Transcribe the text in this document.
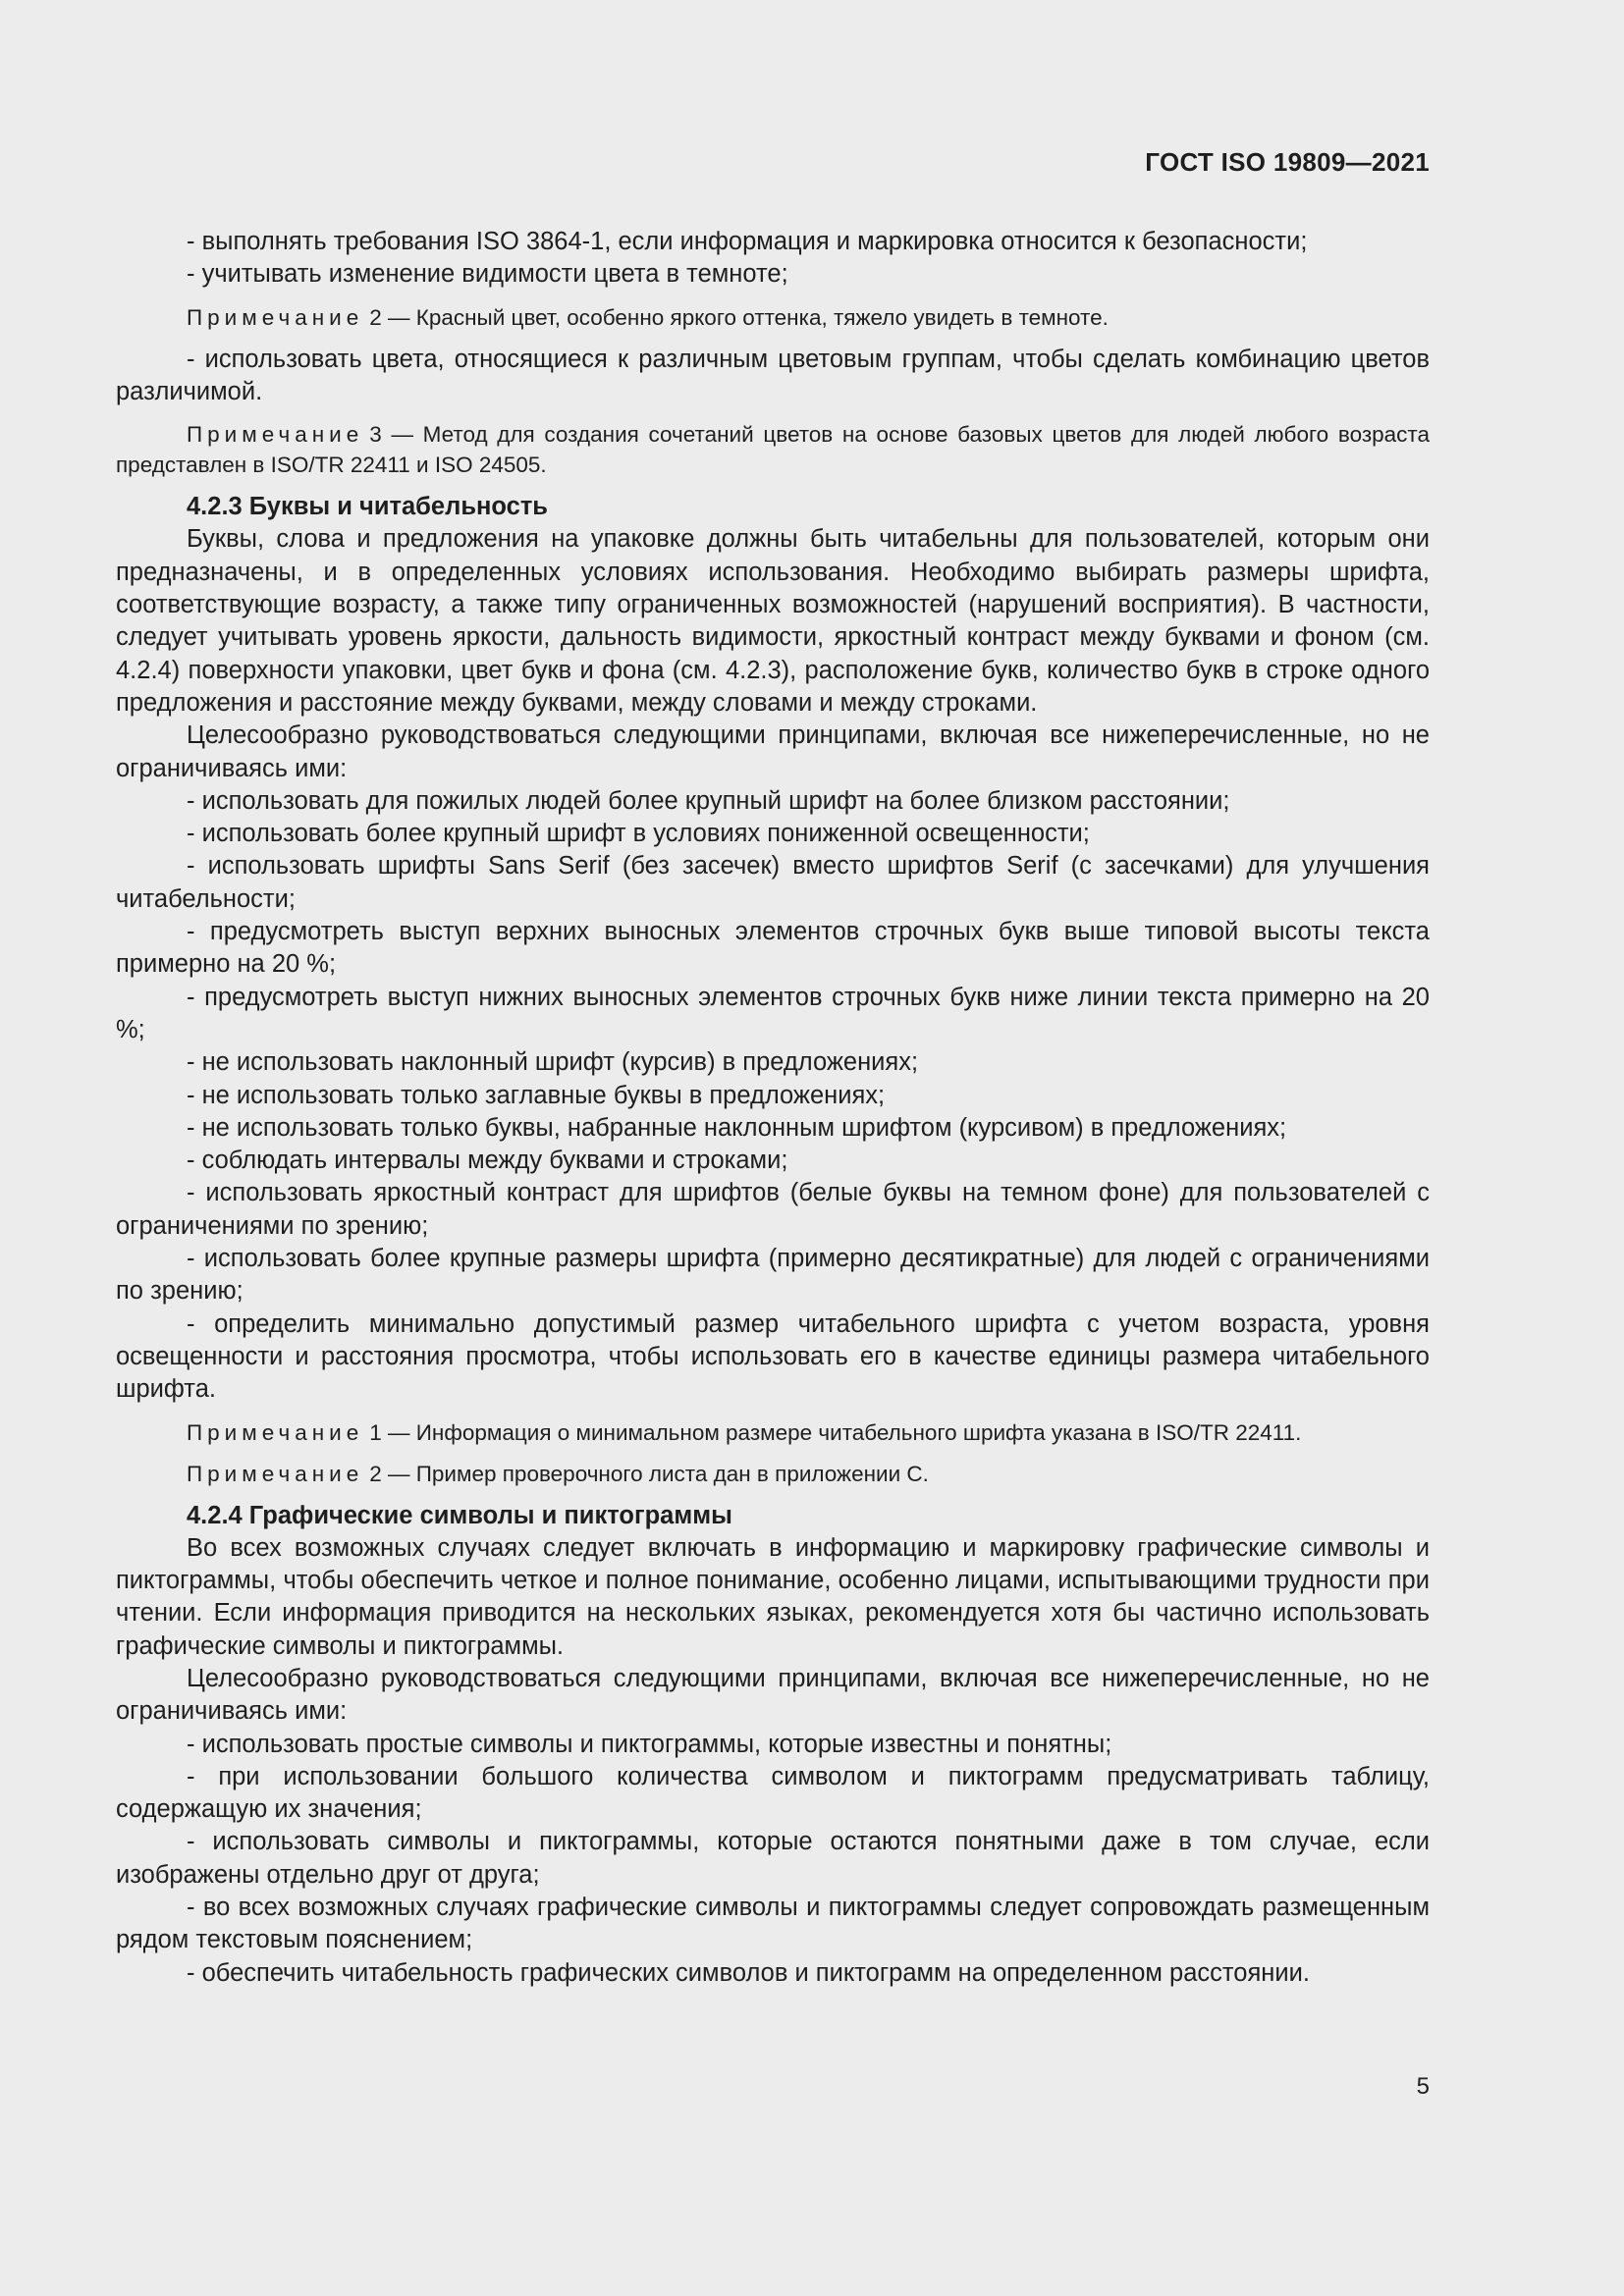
ГОСТ ISO 19809—2021

- выполнять требования ISO 3864-1, если информация и маркировка относится к безопасности;

- учитывать изменение видимости цвета в темноте;

Примечание 2 — Красный цвет, особенно яркого оттенка, тяжело увидеть в темноте.

- использовать цвета, относящиеся к различным цветовым группам, чтобы сделать комбинацию цветов различимой.

Примечание 3 — Метод для создания сочетаний цветов на основе базовых цветов для людей любого возраста представлен в ISO/TR 22411 и ISO 24505.

4.2.3 Буквы и читабельность

Буквы, слова и предложения на упаковке должны быть читабельны для пользователей, которым они предназначены, и в определенных условиях использования. Необходимо выбирать размеры шрифта, соответствующие возрасту, а также типу ограниченных возможностей (нарушений восприятия). В частности, следует учитывать уровень яркости, дальность видимости, яркостный контраст между буквами и фоном (см. 4.2.4) поверхности упаковки, цвет букв и фона (см. 4.2.3), расположение букв, количество букв в строке одного предложения и расстояние между буквами, между словами и между строками.

Целесообразно руководствоваться следующими принципами, включая все нижеперечисленные, но не ограничиваясь ими:

- использовать для пожилых людей более крупный шрифт на более близком расстоянии;

- использовать более крупный шрифт в условиях пониженной освещенности;

- использовать шрифты Sans Serif (без засечек) вместо шрифтов Serif (с засечками) для улучшения читабельности;

- предусмотреть выступ верхних выносных элементов строчных букв выше типовой высоты текста примерно на 20 %;

- предусмотреть выступ нижних выносных элементов строчных букв ниже линии текста примерно на 20 %;

- не использовать наклонный шрифт (курсив) в предложениях;

- не использовать только заглавные буквы в предложениях;

- не использовать только буквы, набранные наклонным шрифтом (курсивом) в предложениях;

- соблюдать интервалы между буквами и строками;

- использовать яркостный контраст для шрифтов (белые буквы на темном фоне) для пользователей с ограничениями по зрению;

- использовать более крупные размеры шрифта (примерно десятикратные) для людей с ограничениями по зрению;

- определить минимально допустимый размер читабельного шрифта с учетом возраста, уровня освещенности и расстояния просмотра, чтобы использовать его в качестве единицы размера читабельного шрифта.

Примечание 1 — Информация о минимальном размере читабельного шрифта указана в ISO/TR 22411.
Примечание 2 — Пример проверочного листа дан в приложении С.

4.2.4 Графические символы и пиктограммы

Во всех возможных случаях следует включать в информацию и маркировку графические символы и пиктограммы, чтобы обеспечить четкое и полное понимание, особенно лицами, испытывающими трудности при чтении. Если информация приводится на нескольких языках, рекомендуется хотя бы частично использовать графические символы и пиктограммы.

Целесообразно руководствоваться следующими принципами, включая все нижеперечисленные, но не ограничиваясь ими:

- использовать простые символы и пиктограммы, которые известны и понятны;

- при использовании большого количества символом и пиктограмм предусматривать таблицу, содержащую их значения;

- использовать символы и пиктограммы, которые остаются понятными даже в том случае, если изображены отдельно друг от друга;

- во всех возможных случаях графические символы и пиктограммы следует сопровождать размещенным рядом текстовым пояснением;

- обеспечить читабельность графических символов и пиктограмм на определенном расстоянии.

5
